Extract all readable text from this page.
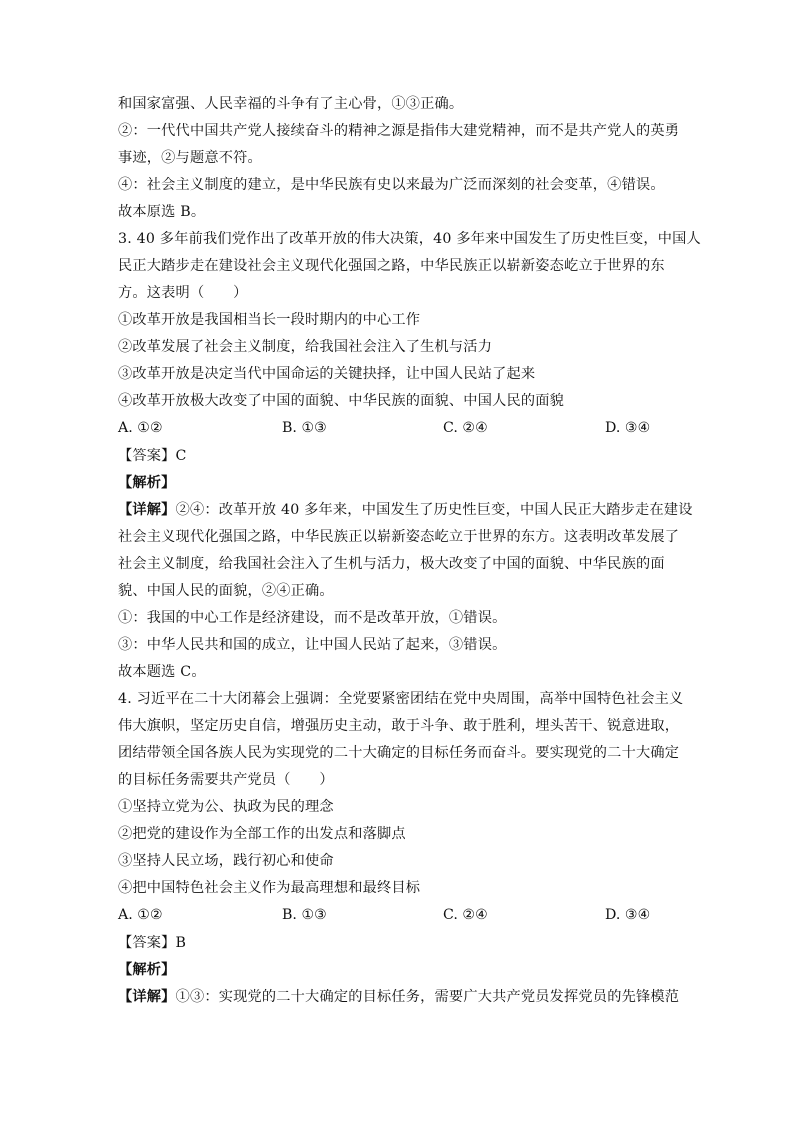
和国家富强、人民幸福的斗争有了主心骨，①③正确。
②：一代代中国共产党人接续奋斗的精神之源是指伟大建党精神，而不是共产党人的英勇
事迹，②与题意不符。
④：社会主义制度的建立，是中华民族有史以来最为广泛而深刻的社会变革，④错误。
故本原选 B。
3. 40 多年前我们党作出了改革开放的伟大决策，40 多年来中国发生了历史性巨变，中国人
民正大踏步走在建设社会主义现代化强国之路，中华民族正以崭新姿态屹立于世界的东
方。这表明（　　）
①改革开放是我国相当长一段时期内的中心工作
②改革发展了社会主义制度，给我国社会注入了生机与活力
③改革开放是决定当代中国命运的关键抉择，让中国人民站了起来
④改革开放极大改变了中国的面貌、中华民族的面貌、中国人民的面貌
A. ①②	B. ①③	C. ②④	D. ③④
【答案】C
【解析】
【详解】②④：改革开放 40 多年来，中国发生了历史性巨变，中国人民正大踏步走在建设
社会主义现代化强国之路，中华民族正以崭新姿态屹立于世界的东方。这表明改革发展了
社会主义制度，给我国社会注入了生机与活力，极大改变了中国的面貌、中华民族的面
貌、中国人民的面貌，②④正确。
①：我国的中心工作是经济建设，而不是改革开放，①错误。
③：中华人民共和国的成立，让中国人民站了起来，③错误。
故本题选 C。
4. 习近平在二十大闭幕会上强调：全党要紧密团结在党中央周围，高举中国特色社会主义
伟大旗帜，坚定历史自信，增强历史主动，敢于斗争、敢于胜利，埋头苦干、锐意进取，
团结带领全国各族人民为实现党的二十大确定的目标任务而奋斗。要实现党的二十大确定
的目标任务需要共产党员（　　）
①坚持立党为公、执政为民的理念
②把党的建设作为全部工作的出发点和落脚点
③坚持人民立场，践行初心和使命
④把中国特色社会主义作为最高理想和最终目标
A. ①②	B. ①③	C. ②④	D. ③④
【答案】B
【解析】
【详解】①③：实现党的二十大确定的目标任务，需要广大共产党员发挥党员的先锋模范
